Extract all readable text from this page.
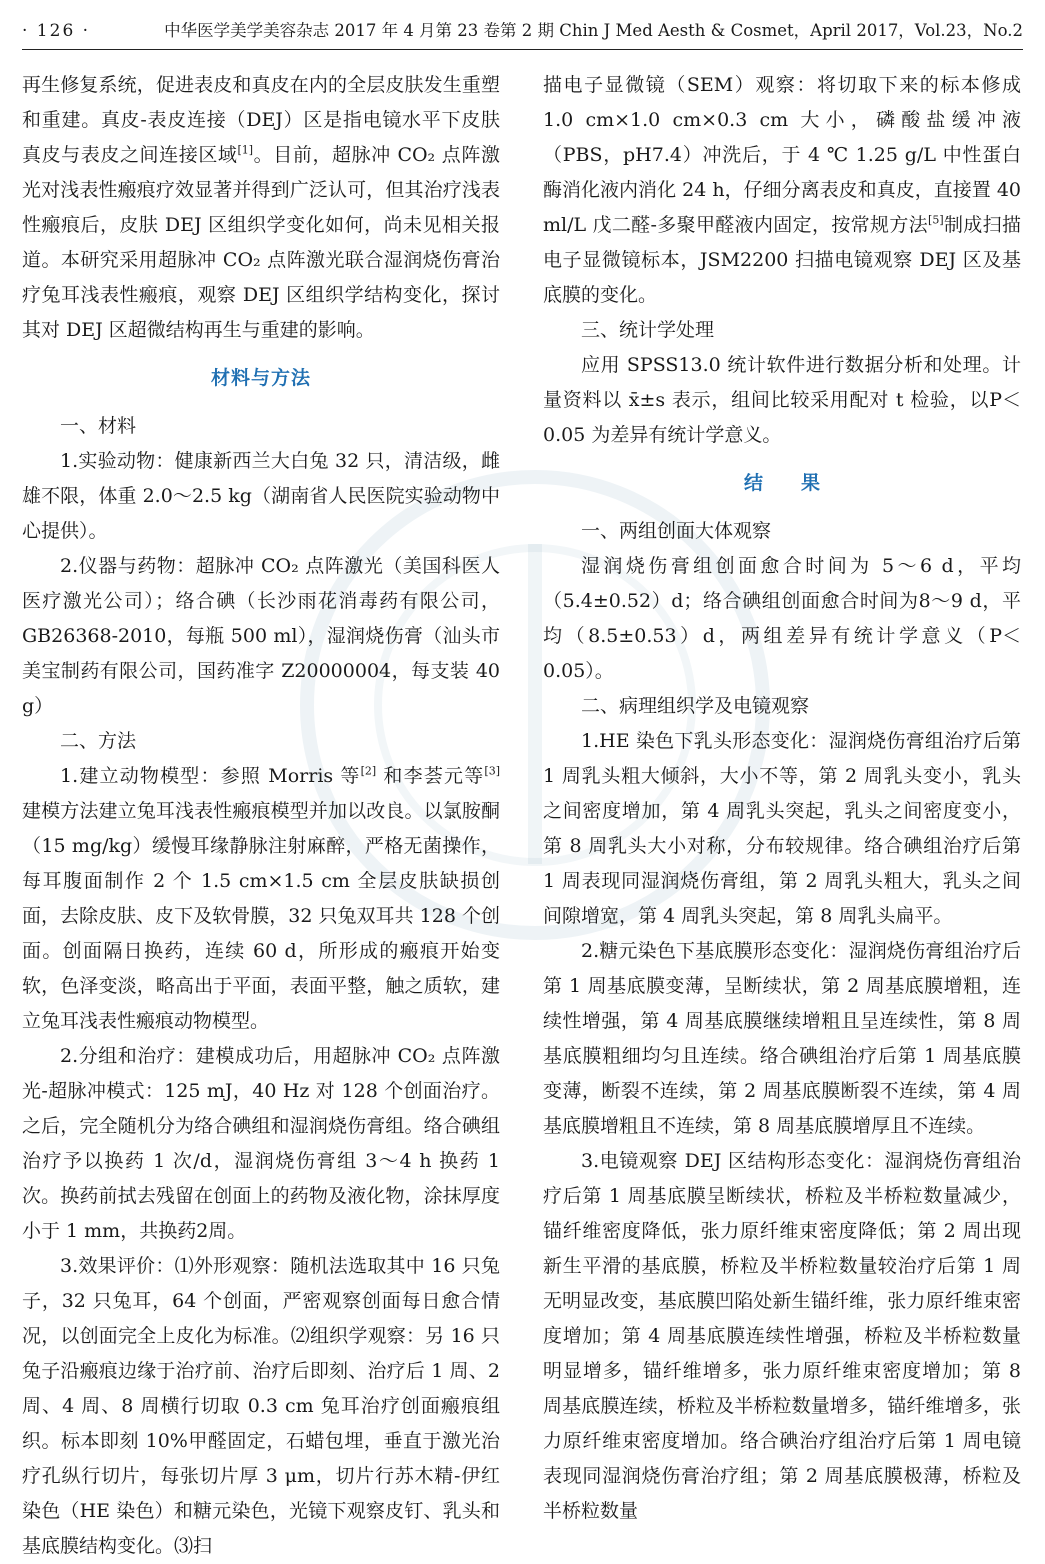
· 126 ·	中华医学美学美容杂志 2017 年 4 月第 23 卷第 2 期 Chin J Med Aesth & Cosmet，April 2017，Vol.23，No.2

再生修复系统，促进表皮和真皮在内的全层皮肤发生重塑和重建。真皮-表皮连接（DEJ）区是指电镜水平下皮肤真皮与表皮之间连接区域[1]。目前，超脉冲 CO₂ 点阵激光对浅表性瘢痕疗效显著并得到广泛认可，但其治疗浅表性瘢痕后，皮肤 DEJ 区组织学变化如何，尚未见相关报道。本研究采用超脉冲 CO₂ 点阵激光联合湿润烧伤膏治疗兔耳浅表性瘢痕，观察 DEJ 区组织学结构变化，探讨其对 DEJ 区超微结构再生与重建的影响。

材料与方法

一、材料

1.实验动物：健康新西兰大白兔 32 只，清洁级，雌雄不限，体重 2.0～2.5 kg（湖南省人民医院实验动物中心提供）。

2.仪器与药物：超脉冲 CO₂ 点阵激光（美国科医人医疗激光公司）；络合碘（长沙雨花消毒药有限公司，GB26368-2010，每瓶 500 ml），湿润烧伤膏（汕头市美宝制药有限公司，国药准字 Z20000004，每支装 40 g）

二、方法

1.建立动物模型：参照 Morris 等[2] 和李荟元等[3] 建模方法建立兔耳浅表性瘢痕模型并加以改良。以氯胺酮（15 mg/kg）缓慢耳缘静脉注射麻醉，严格无菌操作，每耳腹面制作 2 个 1.5 cm×1.5 cm 全层皮肤缺损创面，去除皮肤、皮下及软骨膜，32 只兔双耳共 128 个创面。创面隔日换药，连续 60 d，所形成的瘢痕开始变软，色泽变淡，略高出于平面，表面平整，触之质软，建立兔耳浅表性瘢痕动物模型。

2.分组和治疗：建模成功后，用超脉冲 CO₂ 点阵激光-超脉冲模式：125 mJ，40 Hz 对 128 个创面治疗。之后，完全随机分为络合碘组和湿润烧伤膏组。络合碘组治疗予以换药 1 次/d，湿润烧伤膏组 3～4 h 换药 1 次。换药前拭去残留在创面上的药物及液化物，涂抹厚度小于 1 mm，共换药2周。

3.效果评价：⑴外形观察：随机法选取其中 16 只兔子，32 只兔耳，64 个创面，严密观察创面每日愈合情况，以创面完全上皮化为标准。⑵组织学观察：另 16 只兔子沿瘢痕边缘于治疗前、治疗后即刻、治疗后 1 周、2 周、4 周、8 周横行切取 0.3 cm 兔耳治疗创面瘢痕组织。标本即刻 10%甲醛固定，石蜡包埋，垂直于激光治疗孔纵行切片，每张切片厚 3 μm，切片行苏木精-伊红染色（HE 染色）和糖元染色，光镜下观察皮钉、乳头和基底膜结构变化。⑶扫

描电子显微镜（SEM）观察：将切取下来的标本修成 1.0 cm×1.0 cm×0.3 cm 大小，磷酸盐缓冲液（PBS，pH7.4）冲洗后，于 4 ℃ 1.25 g/L 中性蛋白酶消化液内消化 24 h，仔细分离表皮和真皮，直接置 40 ml/L 戊二醛-多聚甲醛液内固定，按常规方法[5]制成扫描电子显微镜标本，JSM2200 扫描电镜观察 DEJ 区及基底膜的变化。

三、统计学处理

应用 SPSS13.0 统计软件进行数据分析和处理。计量资料以 x̄±s 表示，组间比较采用配对 t 检验，以P＜0.05 为差异有统计学意义。

结果

一、两组创面大体观察

湿润烧伤膏组创面愈合时间为 5～6 d，平均（5.4±0.52）d；络合碘组创面愈合时间为8～9 d，平均（8.5±0.53）d，两组差异有统计学意义（P＜0.05）。

二、病理组织学及电镜观察

1.HE 染色下乳头形态变化：湿润烧伤膏组治疗后第 1 周乳头粗大倾斜，大小不等，第 2 周乳头变小，乳头之间密度增加，第 4 周乳头突起，乳头之间密度变小，第 8 周乳头大小对称，分布较规律。络合碘组治疗后第 1 周表现同湿润烧伤膏组，第 2 周乳头粗大，乳头之间间隙增宽，第 4 周乳头突起，第 8 周乳头扁平。

2.糖元染色下基底膜形态变化：湿润烧伤膏组治疗后第 1 周基底膜变薄，呈断续状，第 2 周基底膜增粗，连续性增强，第 4 周基底膜继续增粗且呈连续性，第 8 周基底膜粗细均匀且连续。络合碘组治疗后第 1 周基底膜变薄，断裂不连续，第 2 周基底膜断裂不连续，第 4 周基底膜增粗且不连续，第 8 周基底膜增厚且不连续。

3.电镜观察 DEJ 区结构形态变化：湿润烧伤膏组治疗后第 1 周基底膜呈断续状，桥粒及半桥粒数量减少，锚纤维密度降低，张力原纤维束密度降低；第 2 周出现新生平滑的基底膜，桥粒及半桥粒数量较治疗后第 1 周无明显改变，基底膜凹陷处新生锚纤维，张力原纤维束密度增加；第 4 周基底膜连续性增强，桥粒及半桥粒数量明显增多，锚纤维增多，张力原纤维束密度增加；第 8 周基底膜连续，桥粒及半桥粒数量增多，锚纤维增多，张力原纤维束密度增加。络合碘治疗组治疗后第 1 周电镜表现同湿润烧伤膏治疗组；第 2 周基底膜极薄，桥粒及半桥粒数量
